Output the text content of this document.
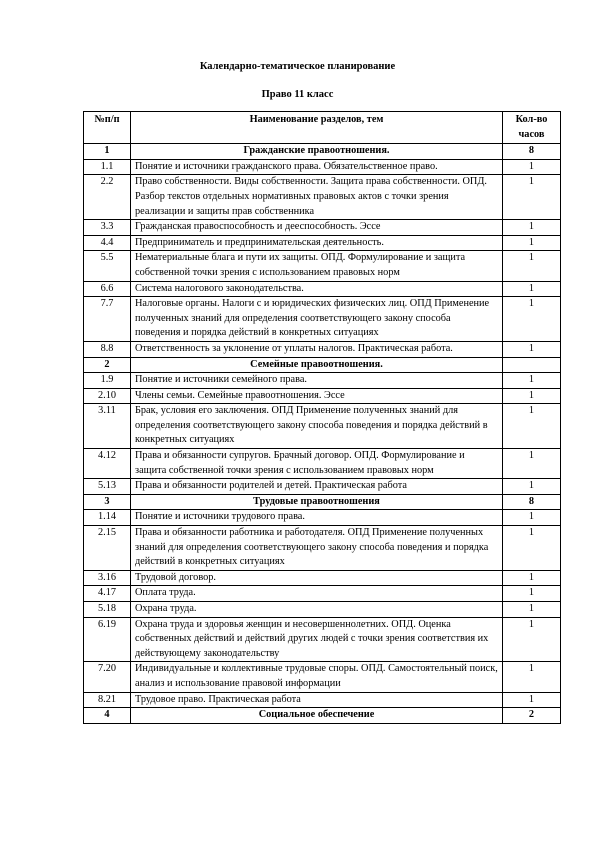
Календарно-тематическое планирование
Право 11 класс
№п/п	Наименование разделов, тем	Кол-во часов
1	Гражданские правоотношения.	8
1.1	Понятие и источники гражданского права. Обязательственное право.	1
2.2	Право собственности. Виды собственности. Защита права собственности. ОПД. Разбор текстов отдельных нормативных правовых актов с точки зрения реализации и защиты прав собственника	1
3.3	Гражданская правоспособность и дееспособность. Эссе	1
4.4	Предприниматель и предпринимательская деятельность.	1
5.5	Нематериальные блага и пути их защиты. ОПД. Формулирование и защита собственной точки зрения с использованием правовых норм	1
6.6	Система налогового законодательства.	1
7.7	Налоговые органы. Налоги с и юридических физических лиц. ОПД Применение полученных знаний для определения соответствующего закону способа поведения и порядка действий в конкретных ситуациях	1
8.8	Ответственность за уклонение от уплаты налогов. Практическая работа.	1
2	Семейные правоотношения.	
1.9	Понятие и источники семейного права.	1
2.10	Члены семьи. Семейные правоотношения. Эссе	1
3.11	Брак, условия его заключения. ОПД Применение полученных знаний для определения соответствующего закону способа поведения и порядка действий в конкретных ситуациях	1
4.12	Права и обязанности супругов. Брачный договор. ОПД. Формулирование и защита собственной точки зрения с использованием правовых норм	1
5.13	Права и обязанности родителей и детей. Практическая работа	1
3	Трудовые правоотношения	8
1.14	Понятие и источники трудового права.	1
2.15	Права и обязанности работника и работодателя. ОПД Применение полученных знаний для определения соответствующего закону способа поведения и порядка действий в конкретных ситуациях	1
3.16	Трудовой договор.	1
4.17	Оплата труда.	1
5.18	Охрана труда.	1
6.19	Охрана труда и здоровья женщин и несовершеннолетних. ОПД. Оценка собственных действий и действий других людей с точки зрения соответствия их действующему законодательству	1
7.20	Индивидуальные и коллективные трудовые споры. ОПД. Самостоятельный поиск, анализ и использование правовой информации	1
8.21	Трудовое право. Практическая работа	1
4	Социальное обеспечение	2
